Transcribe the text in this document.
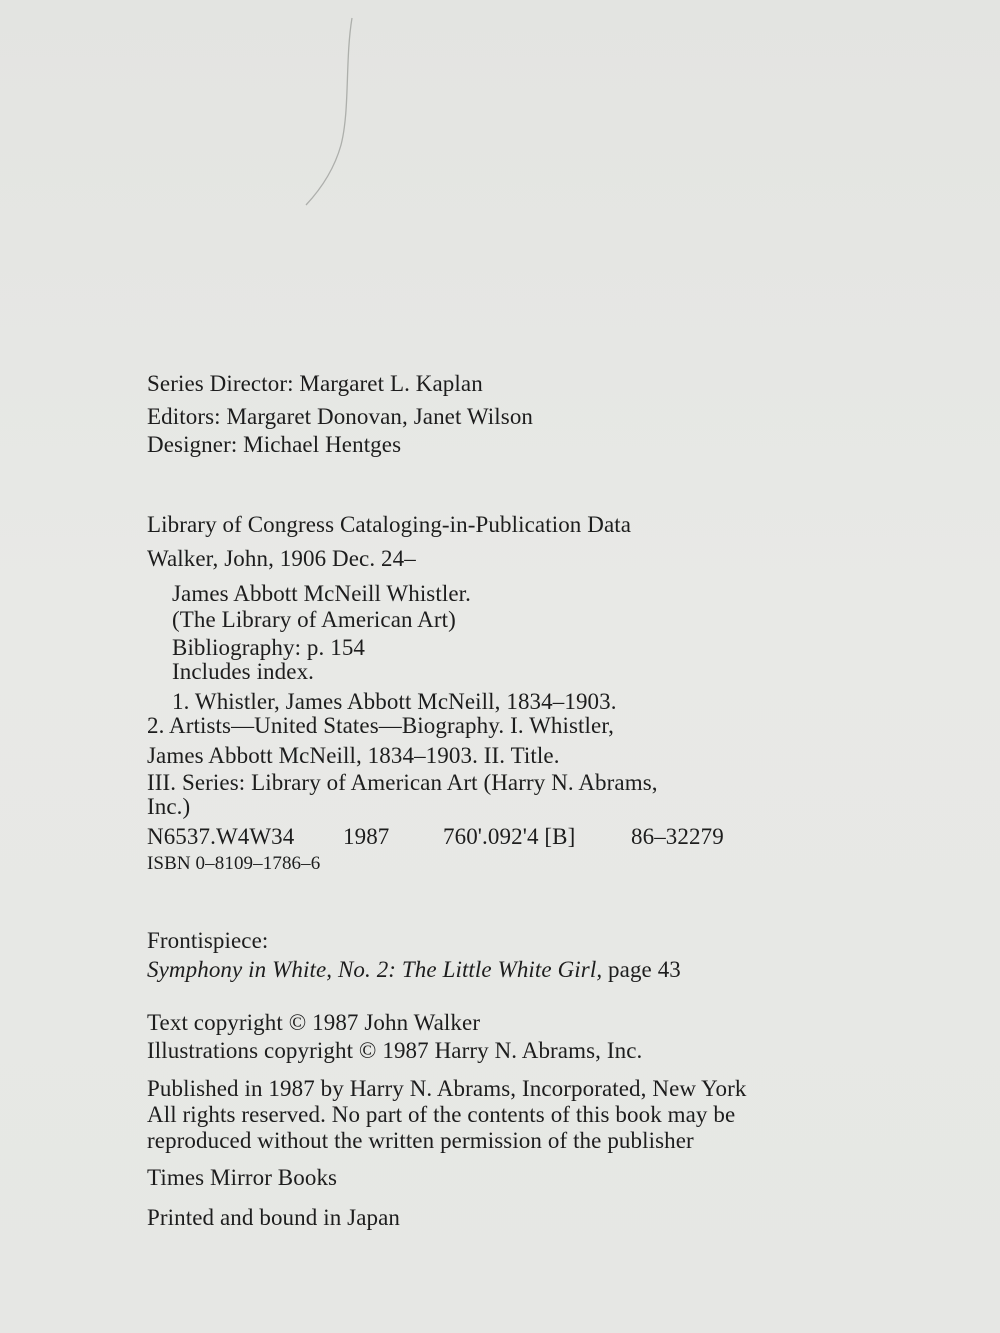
Series Director: Margaret L. Kaplan
Editors: Margaret Donovan, Janet Wilson
Designer: Michael Hentges
Library of Congress Cataloging-in-Publication Data
Walker, John, 1906 Dec. 24–
James Abbott McNeill Whistler.
(The Library of American Art)
Bibliography: p. 154
Includes index.
1. Whistler, James Abbott McNeill, 1834–1903.
2. Artists—United States—Biography. I. Whistler,
James Abbott McNeill, 1834–1903. II. Title.
III. Series: Library of American Art (Harry N. Abrams,
Inc.)
N6537.W4W34 1987 760'.092'4 [B] 86–32279
ISBN 0–8109–1786–6
Frontispiece:
Symphony in White, No. 2: The Little White Girl, page 43
Text copyright © 1987 John Walker
Illustrations copyright © 1987 Harry N. Abrams, Inc.
Published in 1987 by Harry N. Abrams, Incorporated, New York
All rights reserved. No part of the contents of this book may be
reproduced without the written permission of the publisher
Times Mirror Books
Printed and bound in Japan
